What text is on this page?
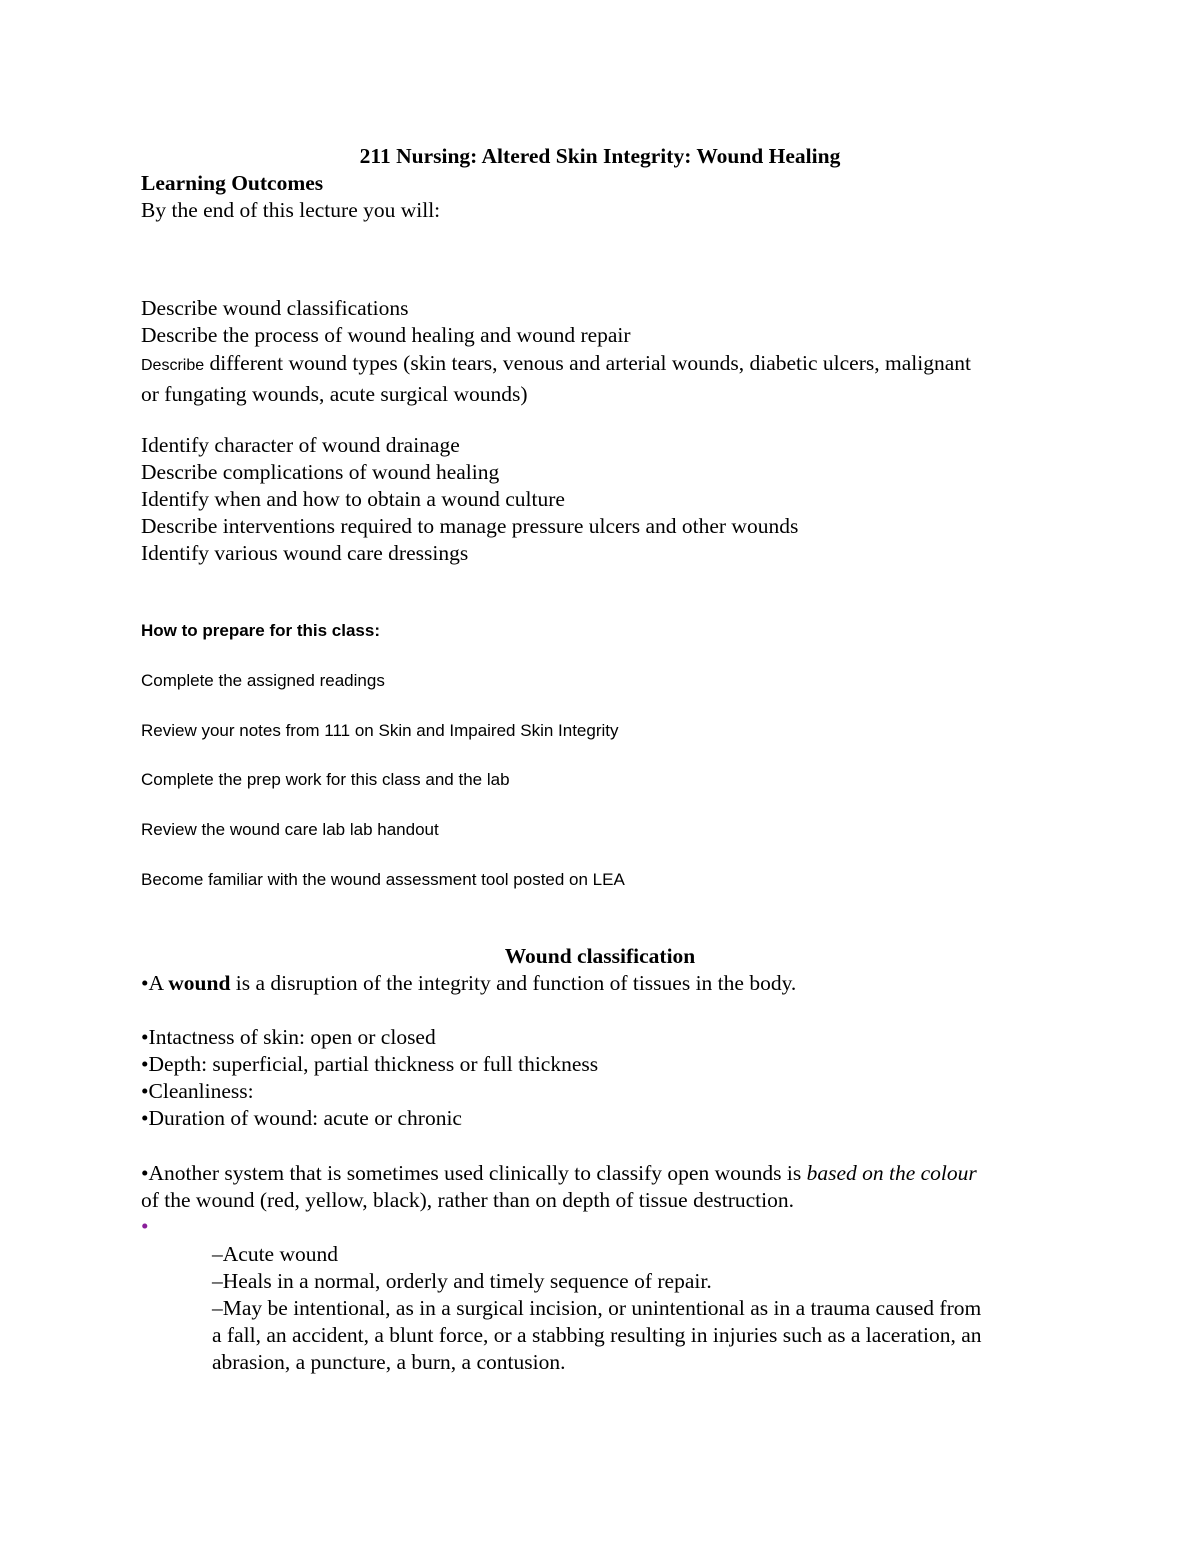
211 Nursing: Altered Skin Integrity: Wound Healing
Learning Outcomes
By the end of this lecture you will:
Describe wound classifications
Describe the process of wound healing and wound repair
Describe different wound types (skin tears, venous and arterial wounds, diabetic ulcers, malignant
or fungating wounds, acute surgical wounds)
Identify character of wound drainage
Describe complications of wound healing
Identify when and how to obtain a wound culture
Describe interventions required to manage pressure ulcers and other wounds
Identify various wound care dressings
How to prepare for this class:
Complete the assigned readings
Review your notes from 111 on Skin and Impaired Skin Integrity
Complete the prep work for this class and the lab
Review the wound care lab lab handout
Become familiar with the wound assessment tool posted on LEA
Wound classification
•A wound is a disruption of the integrity and function of tissues in the body.
•Intactness of skin: open or closed
•Depth: superficial, partial thickness or full thickness
•Cleanliness:
•Duration of wound: acute or chronic
•Another system that is sometimes used clinically to classify open wounds is based on the colour
of the wound (red, yellow, black), rather than on depth of tissue destruction.
•
–Acute wound
–Heals in a normal, orderly and timely sequence of repair.
–May be intentional, as in a surgical incision, or unintentional as in a trauma caused from
a fall, an accident, a blunt force, or a stabbing resulting in injuries such as a laceration, an
abrasion, a puncture, a burn, a contusion.
